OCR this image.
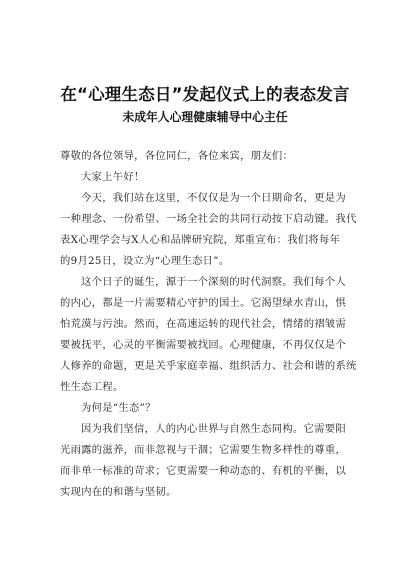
在“心理生态日”发起仪式上的表态发言
未成年人心理健康辅导中心主任

尊敬的各位领导，各位同仁，各位来宾，朋友们：

大家上午好！

今天，我们站在这里，不仅仅是为一个日期命名，更是为

一种理念、一份希望、一场全社会的共同行动按下启动键。我代

表X心理学会与X人心和品牌研究院，郑重宣布：我们将每年

的9月25日，设立为“心理生态日”。

这个日子的诞生，源于一个深刻的时代洞察。我们每个人

的内心，都是一片需要精心守护的国土。它渴望绿水青山，惧

怕荒漠与污浊。然而，在高速运转的现代社会，情绪的褶皱需

要被抚平，心灵的平衡需要被找回。心理健康，不再仅仅是个

人修养的命题，更是关乎家庭幸福、组织活力、社会和谐的系统

性生态工程。

为何是“生态”？

因为我们坚信，人的内心世界与自然生态同构。它需要阳

光雨露的滋养，而非忽视与干涸；它需要生物多样性的尊重，

而非单一标准的苛求；它更需要一种动态的、有机的平衡，以

实现内在的和谐与坚韧。
